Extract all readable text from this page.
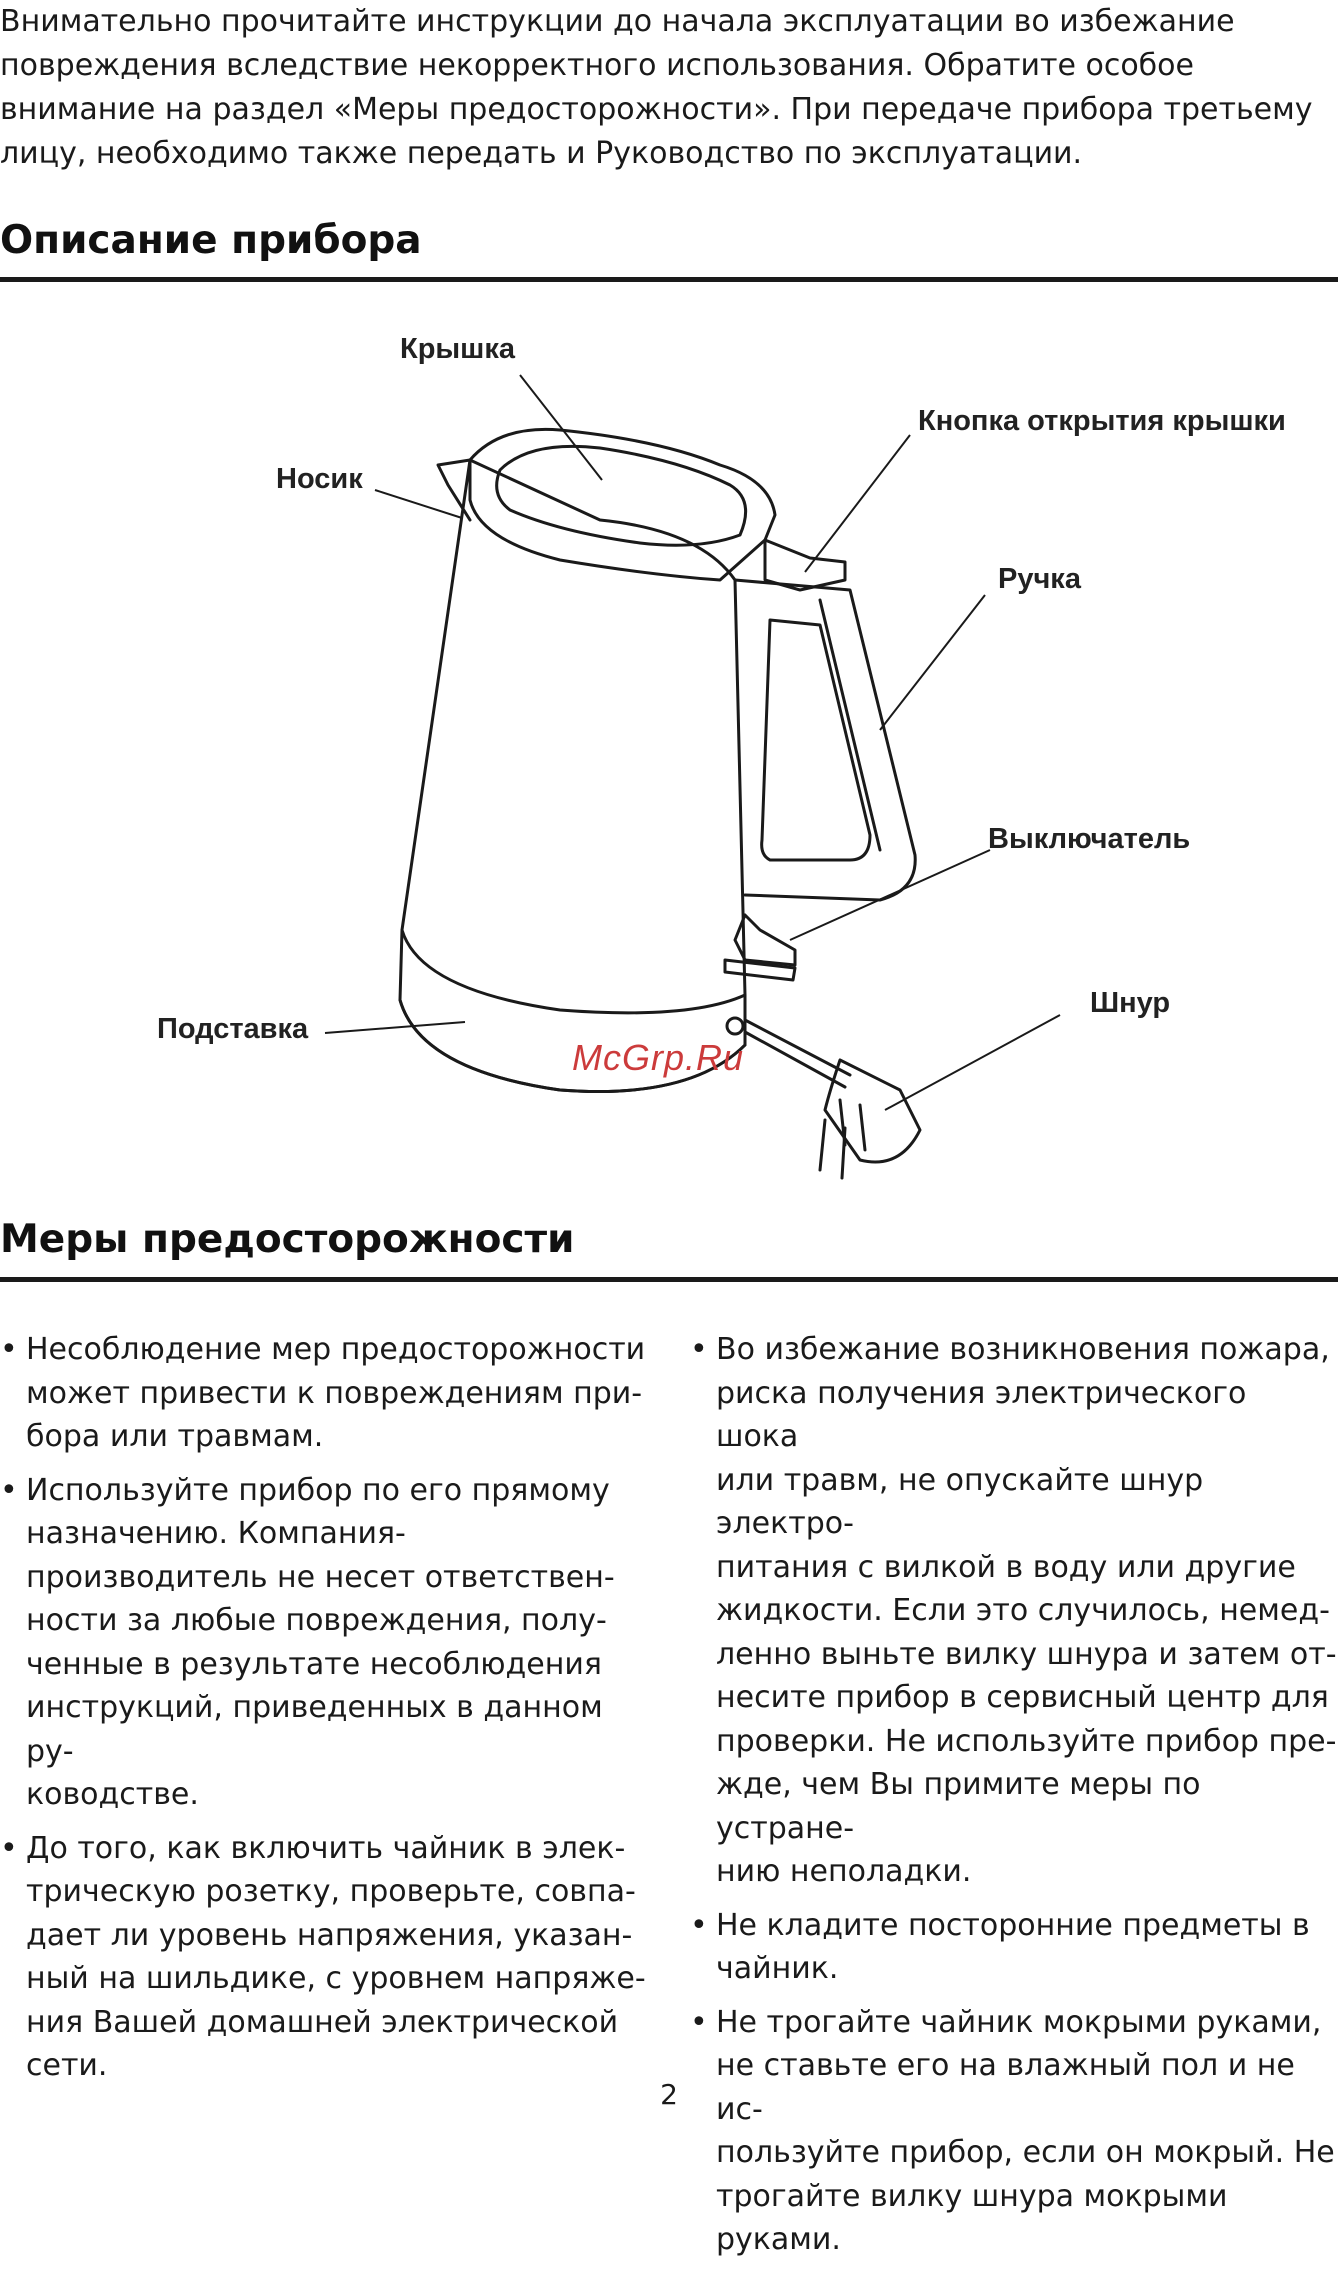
Внимательно прочитайте инструкции до начала эксплуатации во избежание
повреждения вследствие некорректного использования. Обратите особое
внимание на раздел «Меры предосторожности». При передаче прибора третьему
лицу, необходимо также передать и Руководство по эксплуатации.

Описание прибора
Крышка
Кнопка открытия крышки
Носик
Ручка
Выключатель
Подставка
Шнур
McGrp.Ru
Меры предосторожности
• Несоблюдение мер предосторожности
может привести к повреждениям при-
бора или травмам.
• Используйте прибор по его прямому
назначению. Компания-
производитель не несет ответствен-
ности за любые повреждения, полу-
ченные в результате несоблюдения
инструкций, приведенных в данном ру-
ководстве.
• До того, как включить чайник в элек-
трическую розетку, проверьте, совпа-
дает ли уровень напряжения, указан-
ный на шильдике, с уровнем напряже-
ния Вашей домашней электрической
сети.
• Во избежание возникновения пожара,
риска получения электрического шока
или травм, не опускайте шнур электро-
питания с вилкой в воду или другие
жидкости. Если это случилось, немед-
ленно выньте вилку шнура и затем от-
несите прибор в сервисный центр для
проверки. Не используйте прибор пре-
жде, чем Вы примите меры по устране-
нию неполадки.
• Не кладите посторонние предметы в
чайник.
• Не трогайте чайник мокрыми руками,
не ставьте его на влажный пол и не ис-
пользуйте прибор, если он мокрый. Не
трогайте вилку шнура мокрыми руками.
2
